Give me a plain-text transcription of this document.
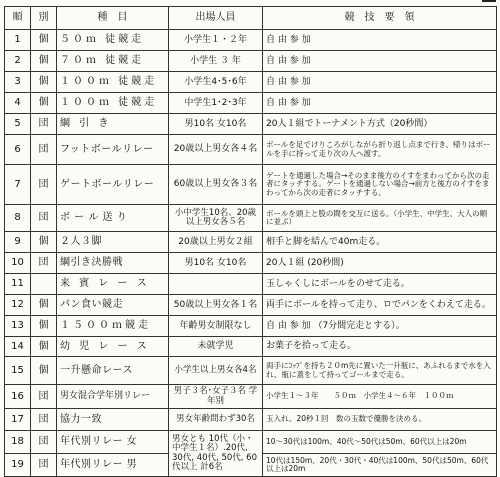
順	別	種　目	出場人員	競　技　要　領
1	個	５０ｍ 徒競走	小学生１・２年	自 由 参 加
2	個	７０ｍ 徒競走	小学生 ３ 年	自 由 参 加
3	個	１００ｍ 徒競走	小学生4･5･6年	自 由 参 加
4	個	１００ｍ 徒競走	中学生1･2･3年	自 由 参 加
5	団	綱 引 き	男10名 女10名	20人１組でトーナメント方式（20秒間）
6	団	フットボールリレー	20歳以上男女各４名	ボールを足でけりころがしながら折り返し点まで行き、帰りはボールを手に持って走り次の人へ渡す。
7	団	ゲートボールリレー	60歳以上男女各３名	ゲートを通過した場合→そのまま後方のイすをまわってから次の走者にタッチする。ゲートを通過しない場合→前方と後方のイすをまわってから次の走者にタッチする。
8	団	ボ ー ル 送 り	小中学生10名、20歳以上男女各５名	ボールを頭上と股の間を交互に送る。（小学生、中学生、大人の順に並ぶ）
9	個	２人３脚	20歳以上男女２組	相手と脚を結んで40m走る。
10	団	綱引き決勝戦	男10名 女10名	20人１組 (20秒間)
11		来 賓 レ ー ス		玉しゃくしにボールをのせて走る。
12	個	パン食い競走	50歳以上男女各１名	両手にボールを持って走り、ロでパンをくわえて走る。
13	個	１５００ｍ競走	年齢男女制限なし	自 由 参 加 （7分間完走とする）。
14	個	幼 児 レ ー ス	未就学児	お菓子を拾って走る。
15	個	一升懸命レース	小学生以上男女各4名	両手にｺｯﾌﾟを持ち２０m先に置いた一升瓶に、あふれるまで水を入れ、瓶に蓋をして持ってゴールまで走る。
16	団	男女混合学年別リレー	男子３名･女子３名 学年別	小学生１～３年　　５０ｍ　小学生４～６年　１００ｍ
17	団	協力一致	男女年齢問わず30名	玉入れ。20秒１回　数の玉数で優勝を決める。
18	団	年代別リレー 女	男女とも 10代（小・中学生１名）.20代, 30代, 40代, 50代, 60代以上 計6名	10～30代は100m、40代～50代は50m、60代以上は20m
19	団	年代別リレー 男		10代は150m、20代・30代・40代は100m、50代は50m、60代以上は20m
